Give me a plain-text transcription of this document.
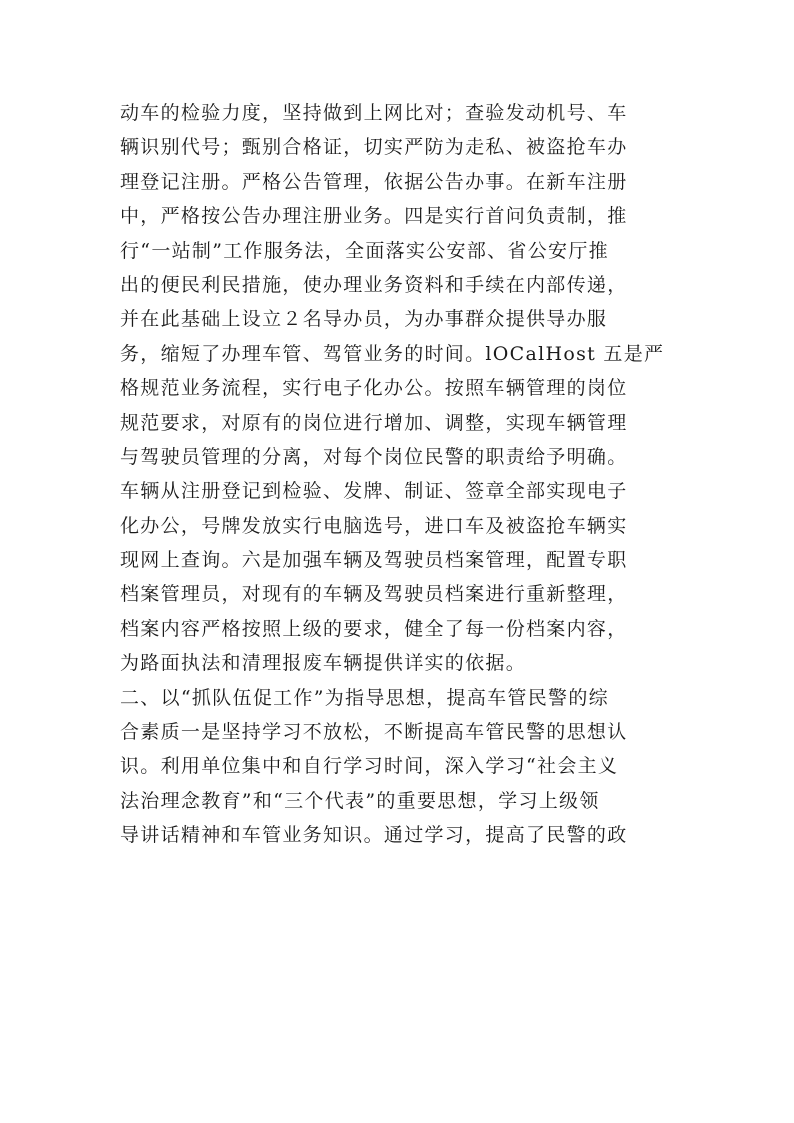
动车的检验力度，坚持做到上网比对；查验发动机号、车
辆识别代号；甄别合格证，切实严防为走私、被盗抢车办
理登记注册。严格公告管理，依据公告办事。在新车注册
中，严格按公告办理注册业务。四是实行首问负责制，推
行“一站制”工作服务法，全面落实公安部、省公安厅推
出的便民利民措施，使办理业务资料和手续在内部传递，
并在此基础上设立２名导办员，为办事群众提供导办服
务，缩短了办理车管、驾管业务的时间。lOCalHost 五是严
格规范业务流程，实行电子化办公。按照车辆管理的岗位
规范要求，对原有的岗位进行增加、调整，实现车辆管理
与驾驶员管理的分离，对每个岗位民警的职责给予明确。
车辆从注册登记到检验、发牌、制证、签章全部实现电子
化办公，号牌发放实行电脑选号，进口车及被盗抢车辆实
现网上查询。六是加强车辆及驾驶员档案管理，配置专职
档案管理员，对现有的车辆及驾驶员档案进行重新整理，
档案内容严格按照上级的要求，健全了每一份档案内容，
为路面执法和清理报废车辆提供详实的依据。
二、以“抓队伍促工作”为指导思想，提高车管民警的综
合素质一是坚持学习不放松，不断提高车管民警的思想认
识。利用单位集中和自行学习时间，深入学习“社会主义
法治理念教育”和“三个代表”的重要思想，学习上级领
导讲话精神和车管业务知识。通过学习，提高了民警的政
